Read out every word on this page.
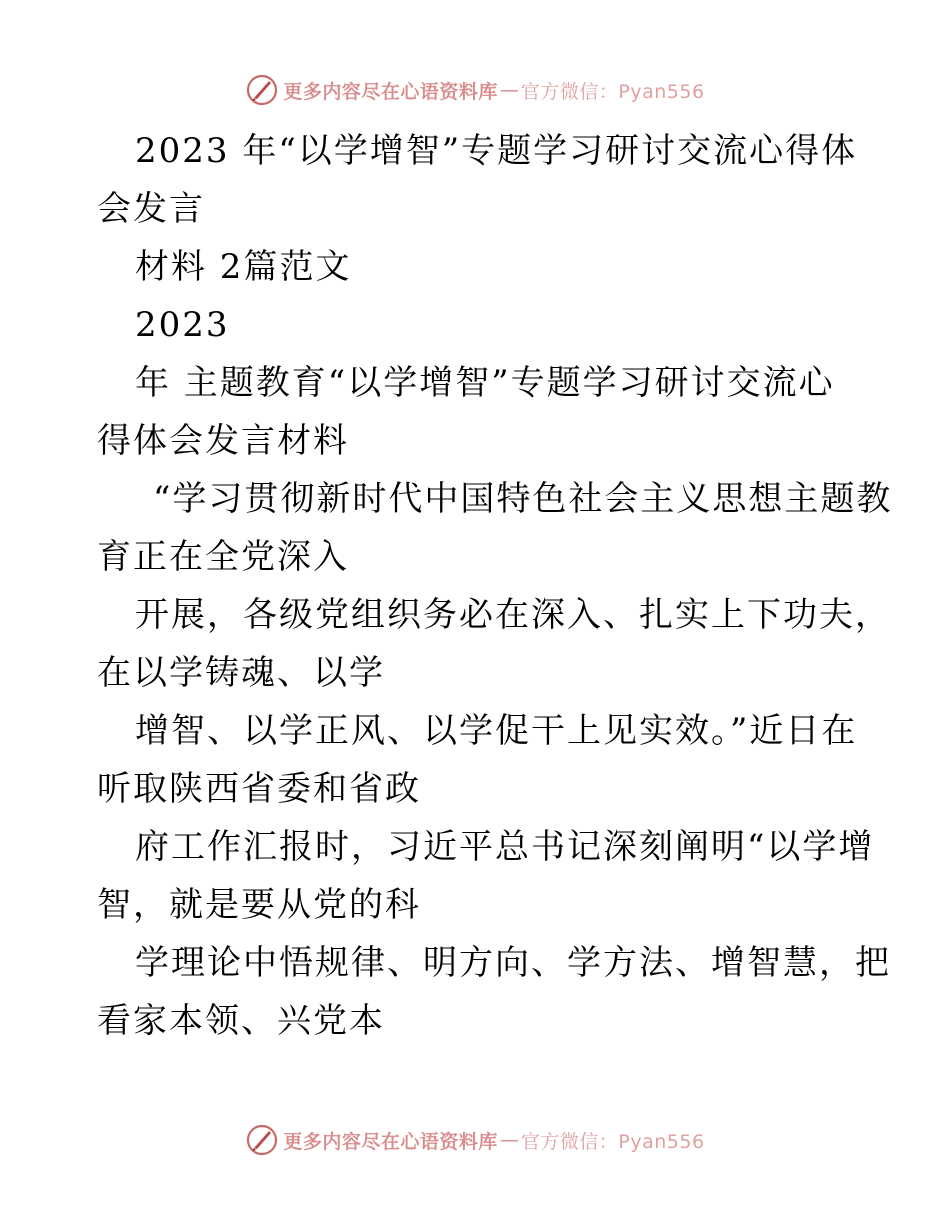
更多内容尽在心语资料库 — 官方微信：Pyan556
2023 年“以学增智”专题学习研讨交流心得体
会发言
材料 2篇范文
2023
年 主题教育“以学增智”专题学习研讨交流心
得体会发言材料
“学习贯彻新时代中国特色社会主义思想主题教
育正在全党深入
开展，各级党组织务必在深入、扎实上下功夫，
在以学铸魂、以学
增智、以学正风、以学促干上见实效。”近日在
听取陕西省委和省政
府工作汇报时，习近平总书记深刻阐明“以学增
智，就是要从党的科
学理论中悟规律、明方向、学方法、增智慧，把
看家本领、兴党本
更多内容尽在心语资料库 — 官方微信：Pyan556
